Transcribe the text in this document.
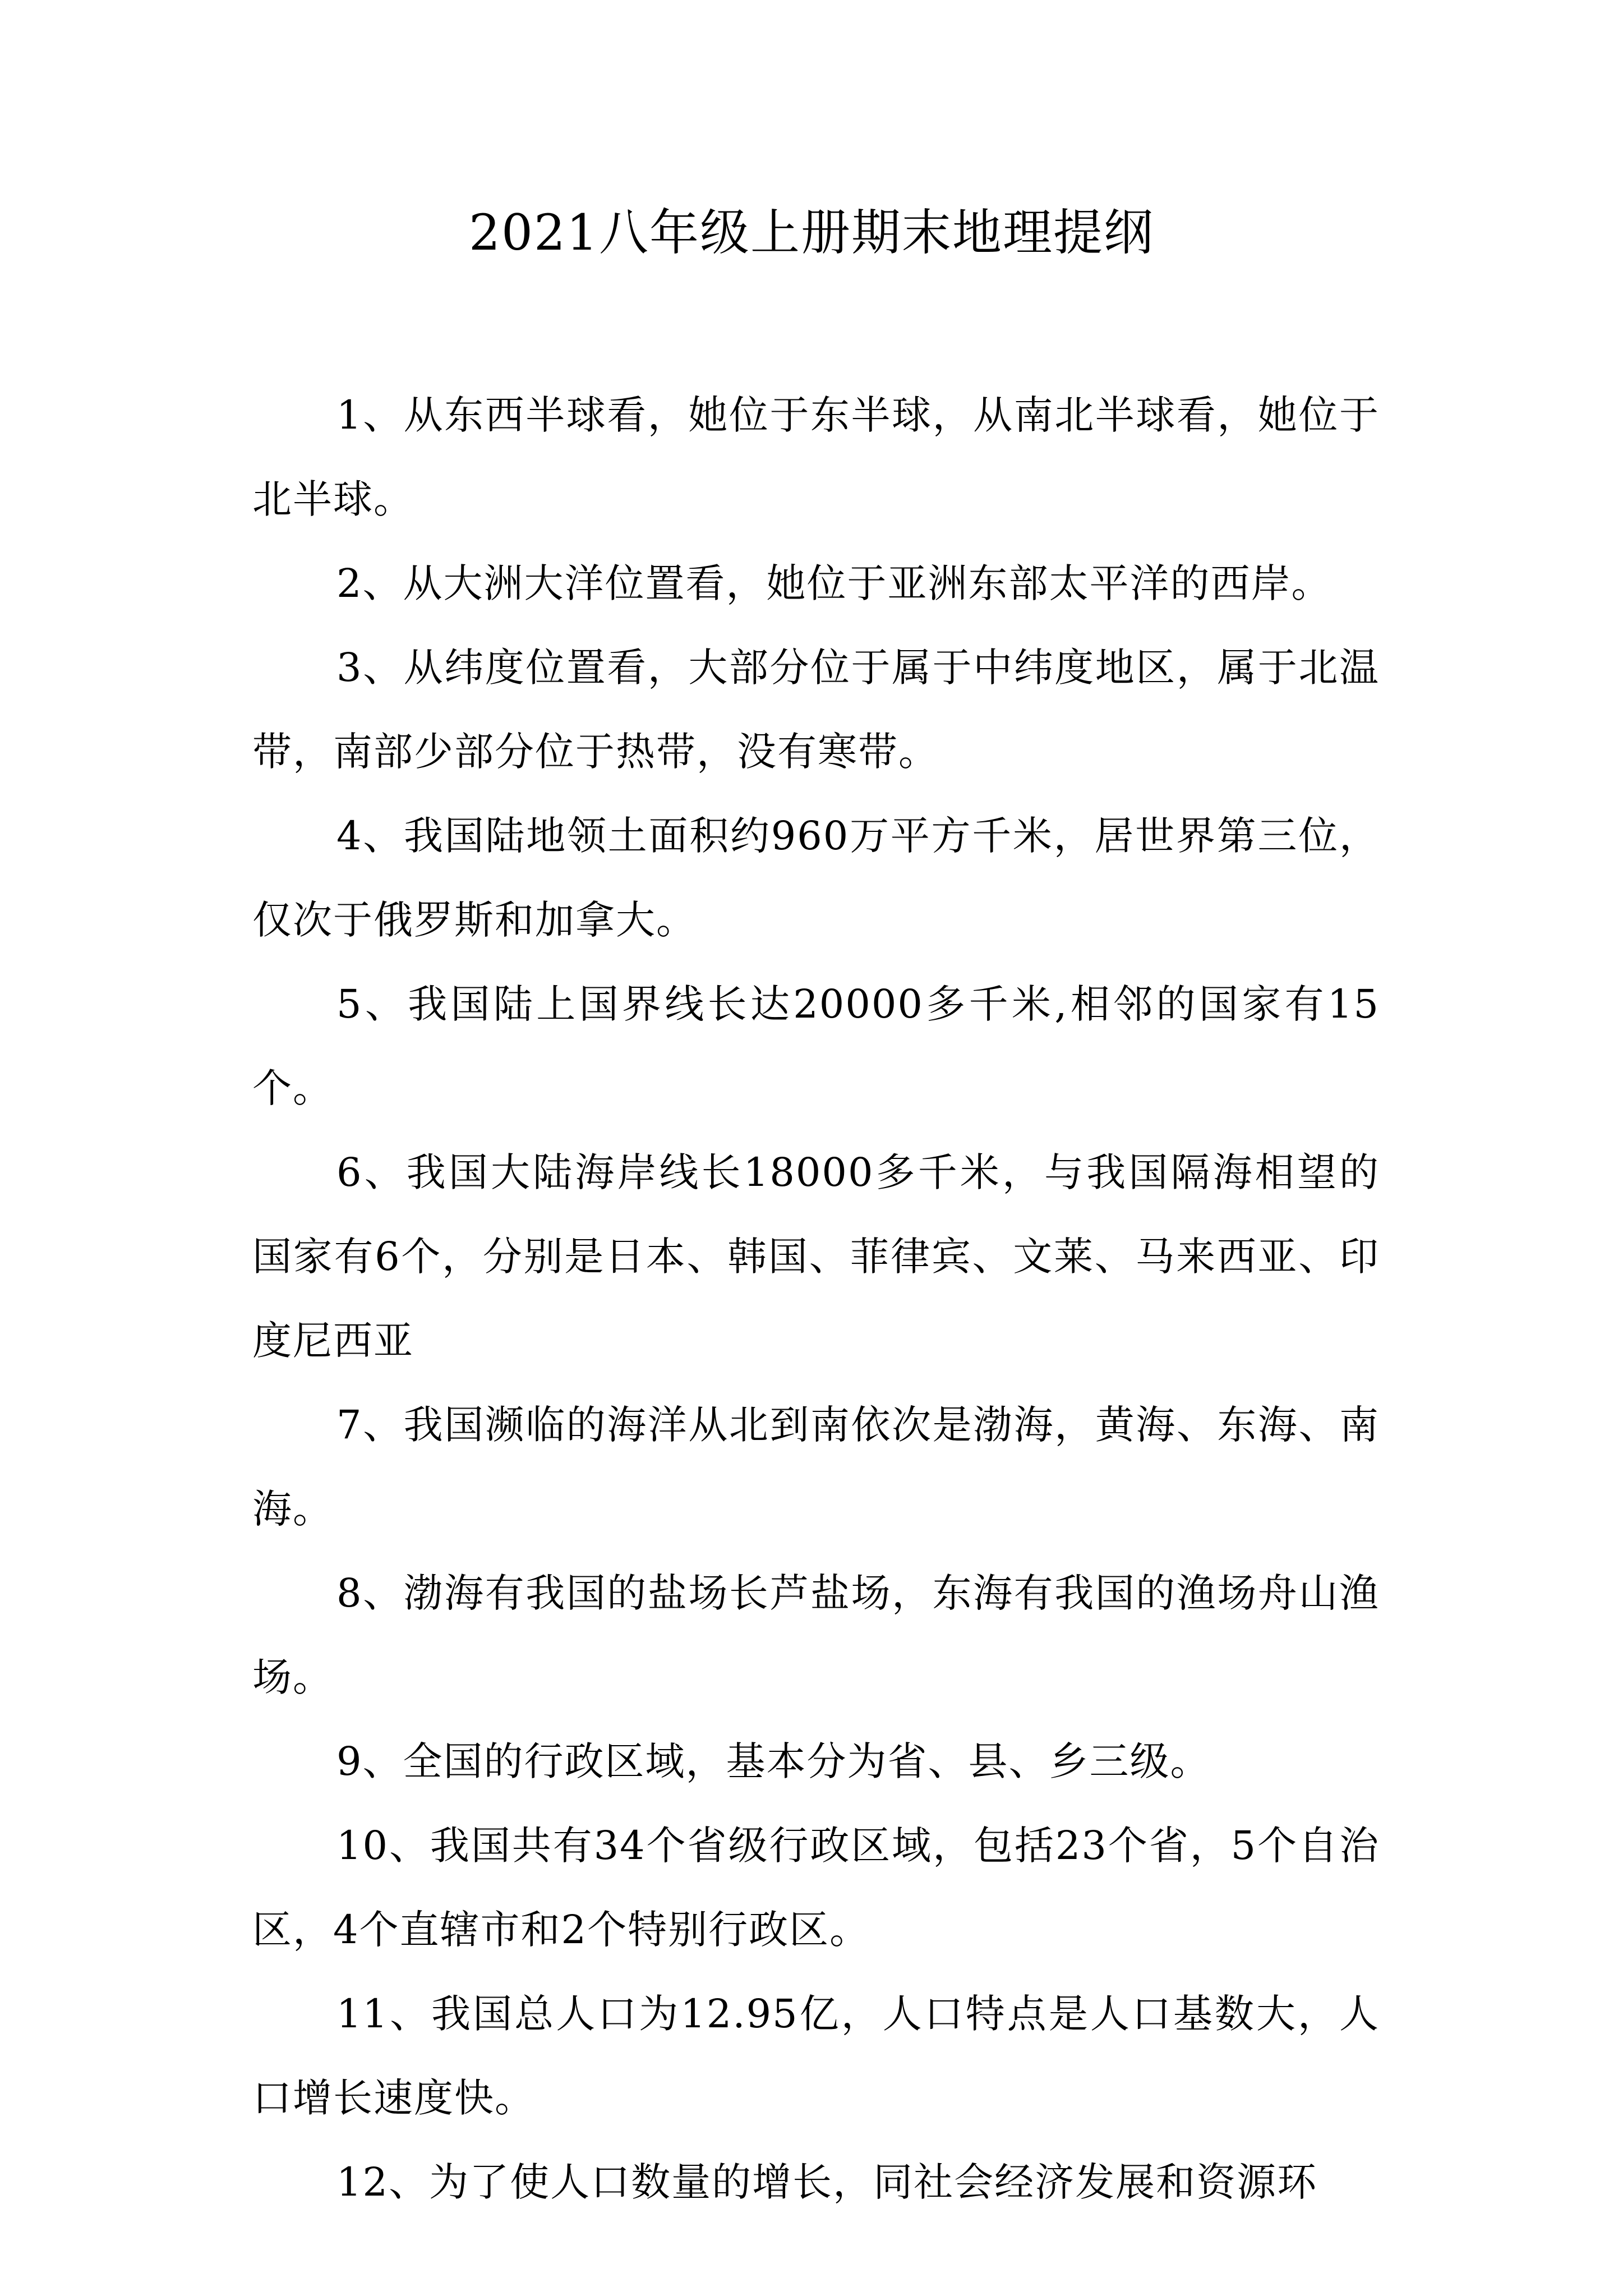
2021八年级上册期末地理提纲

1、从东西半球看，她位于东半球，从南北半球看，她位于北半球。

2、从大洲大洋位置看，她位于亚洲东部太平洋的西岸。

3、从纬度位置看，大部分位于属于中纬度地区，属于北温带，南部少部分位于热带，没有寒带。

4、我国陆地领土面积约960万平方千米，居世界第三位，仅次于俄罗斯和加拿大。

5、我国陆上国界线长达20000多千米,相邻的国家有15个。

6、我国大陆海岸线长18000多千米，与我国隔海相望的国家有6个，分别是日本、韩国、菲律宾、文莱、马来西亚、印度尼西亚

7、我国濒临的海洋从北到南依次是渤海，黄海、东海、南海。

8、渤海有我国的盐场长芦盐场，东海有我国的渔场舟山渔场。

9、全国的行政区域，基本分为省、县、乡三级。

10、我国共有34个省级行政区域，包括23个省，5个自治区，4个直辖市和2个特别行政区。

11、我国总人口为12.95亿，人口特点是人口基数大，人口增长速度快。

12、为了使人口数量的增长，同社会经济发展和资源环
